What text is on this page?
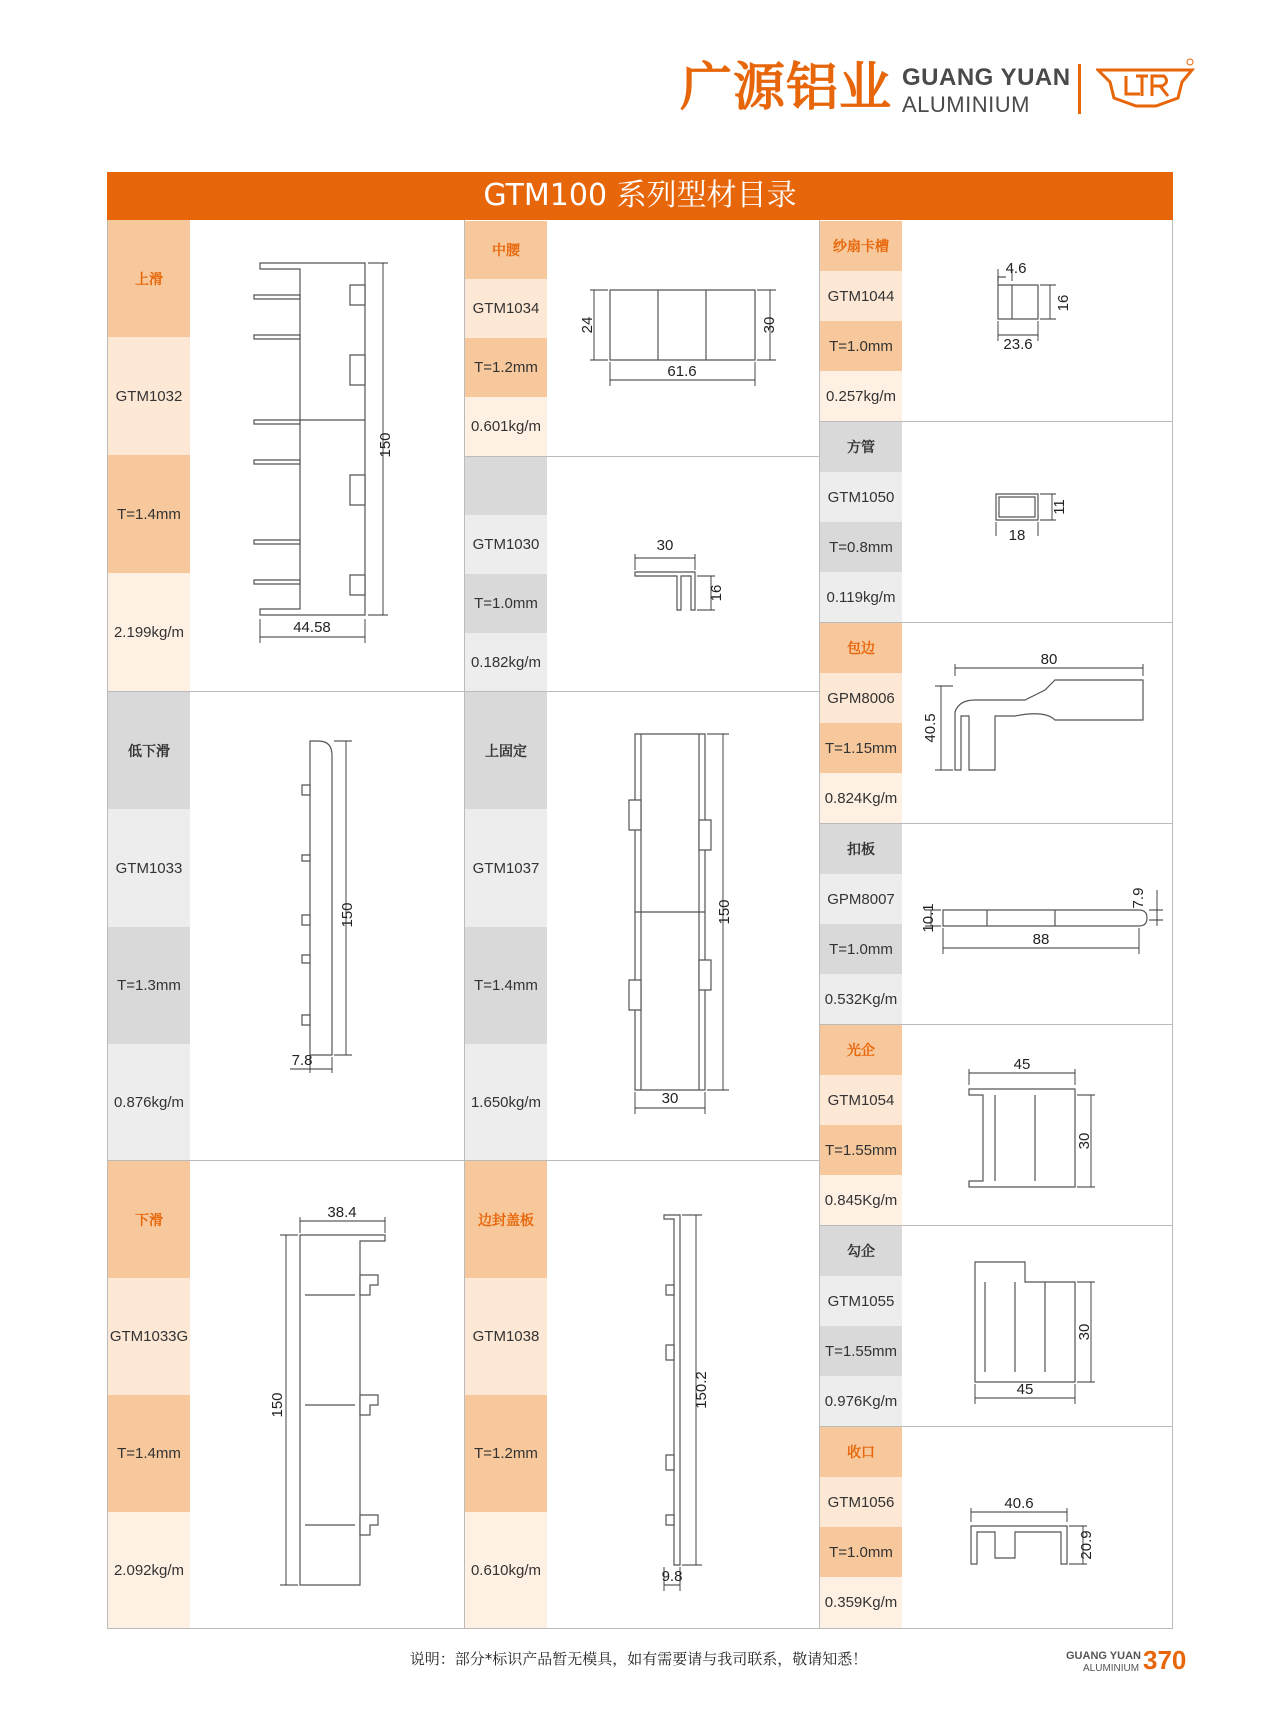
广源铝业 GUANG YUAN
ALUMINIUM
GTM100 系列型材目录
上滑
GTM1032
T=1.4mm
2.199kg/m
150
44.58
低下滑
GTM1033
T=1.3mm
0.876kg/m
150
7.8
下滑
GTM1033G
T=1.4mm
2.092kg/m
38.4
150
中腰
GTM1034
T=1.2mm
0.601kg/m
24	30
61.6
GTM1030
T=1.0mm
0.182kg/m
30
16
上固定
GTM1037
T=1.4mm
1.650kg/m
150
30
边封盖板
GTM1038
T=1.2mm
0.610kg/m
150.2
9.8
纱扇卡槽
GTM1044
T=1.0mm
0.257kg/m
4.6
16
23.6
方管
GTM1050
T=0.8mm
0.119kg/m
11
18
包边
GPM8006
T=1.15mm
0.824Kg/m
80
40.5
扣板
GPM8007
T=1.0mm
0.532Kg/m
10.1
7.9
88
光企
GTM1054
T=1.55mm
0.845Kg/m
45
30
勾企
GTM1055
T=1.55mm
0.976Kg/m
30
45
收口
GTM1056
T=1.0mm
0.359Kg/m
40.6
20.9
说明：部分*标识产品暂无模具，如有需要请与我司联系，敬请知悉！	GUANG YUAN
ALUMINIUM 370
